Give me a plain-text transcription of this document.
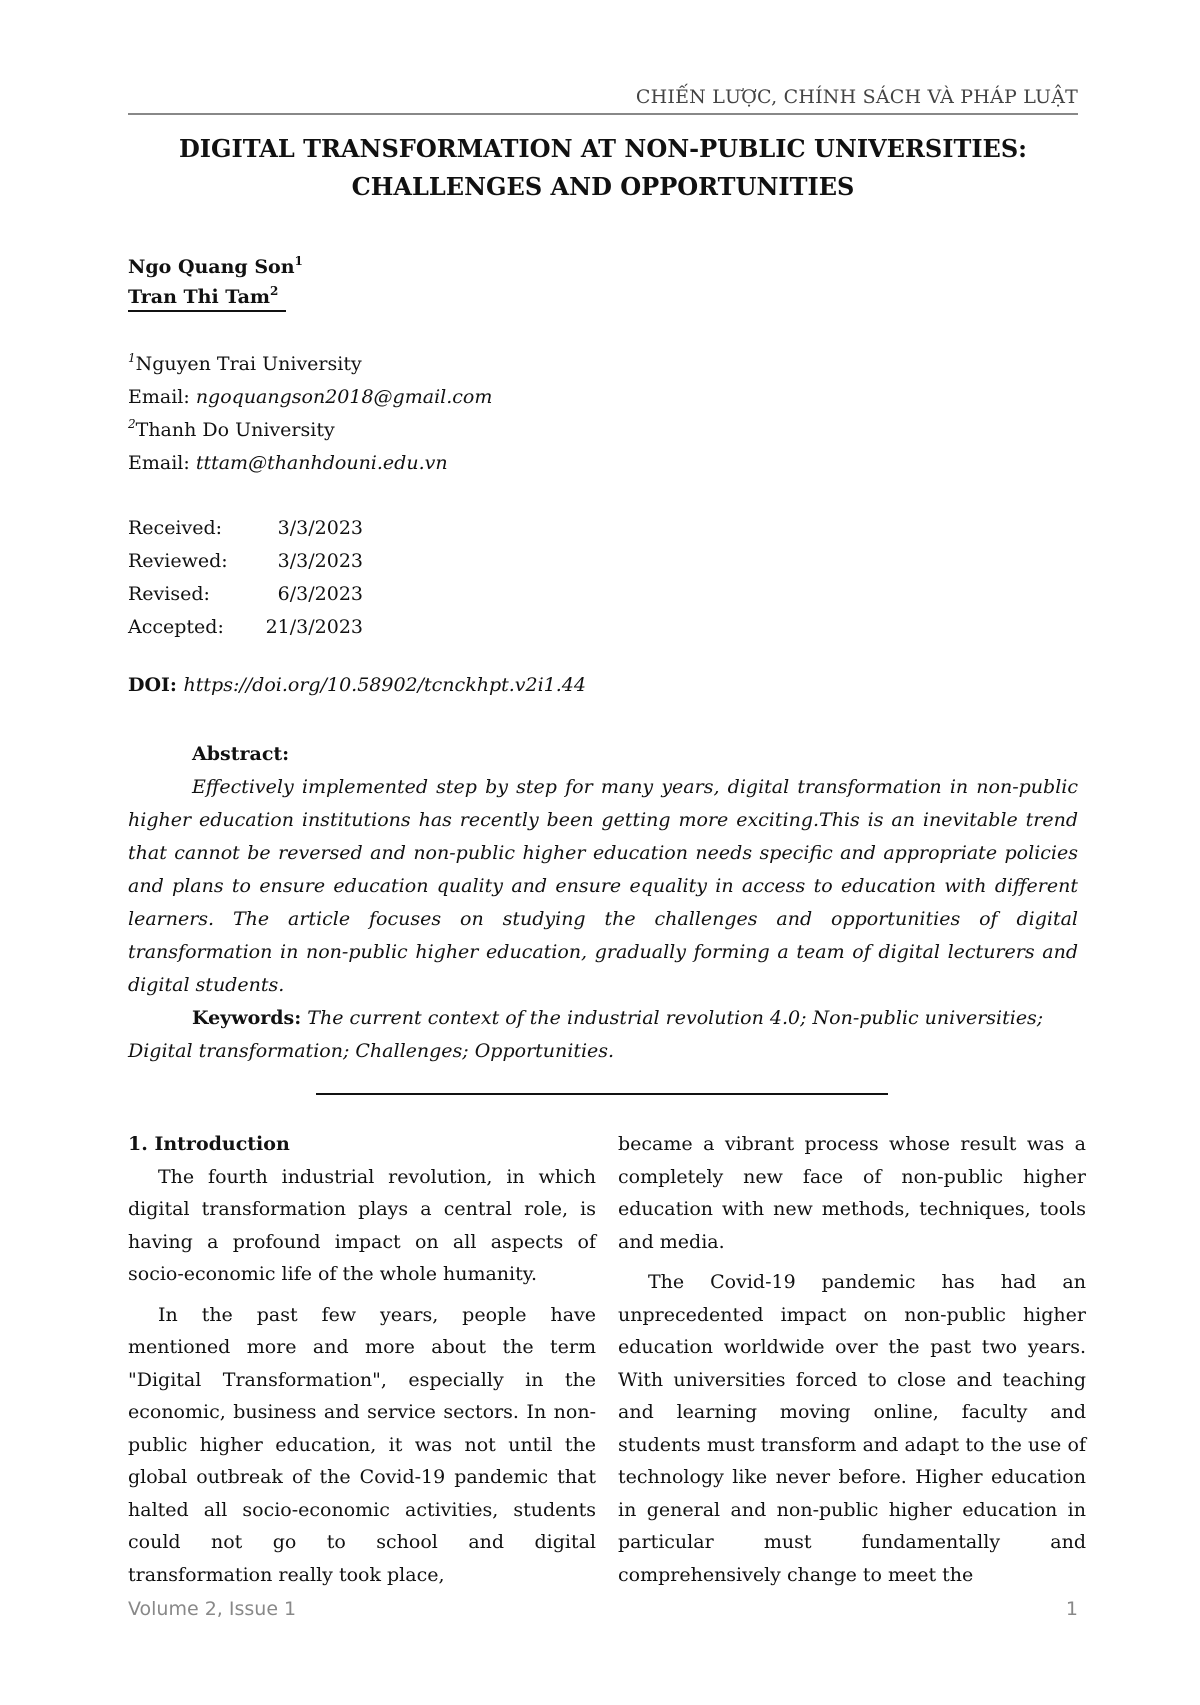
CHIẾN LƯỢC, CHÍNH SÁCH VÀ PHÁP LUẬT
DIGITAL TRANSFORMATION AT NON-PUBLIC UNIVERSITIES:
CHALLENGES AND OPPORTUNITIES
Ngo Quang Son$^1$
Tran Thi Tam$^2$
$^1$Nguyen Trai University
Email: ngoquangson2018@gmail.com
$^2$Thanh Do University
Email: tttam@thanhdouni.edu.vn
Received:	3/3/2023
Reviewed:	3/3/2023
Revised:	6/3/2023
Accepted:	21/3/2023
DOI: https://doi.org/10.58902/tcnckhpt.v2i1.44
Abstract:

Effectively implemented step by step for many years, digital transformation in non-public higher education institutions has recently been getting more exciting.This is an inevitable trend that cannot be reversed and non-public higher education needs specific and appropriate policies and plans to ensure education quality and ensure equality in access to education with different learners. The article focuses on studying the challenges and opportunities of digital transformation in non-public higher education, gradually forming a team of digital lecturers and digital students.

Keywords: The current context of the industrial revolution 4.0; Non-public universities; Digital transformation; Challenges; Opportunities.

1. Introduction

The fourth industrial revolution, in which digital transformation plays a central role, is having a profound impact on all aspects of socio-economic life of the whole humanity.

In the past few years, people have mentioned more and more about the term "Digital Transformation", especially in the economic, business and service sectors. In non-public higher education, it was not until the global outbreak of the Covid-19 pandemic that halted all socio-economic activities, students could not go to school and digital transformation really took place,

became a vibrant process whose result was a completely new face of non-public higher education with new methods, techniques, tools and media.

The Covid-19 pandemic has had an unprecedented impact on non-public higher education worldwide over the past two years. With universities forced to close and teaching and learning moving online, faculty and students must transform and adapt to the use of technology like never before. Higher education in general and non-public higher education in particular must fundamentally and comprehensively change to meet the

Volume 2, Issue 1	1
